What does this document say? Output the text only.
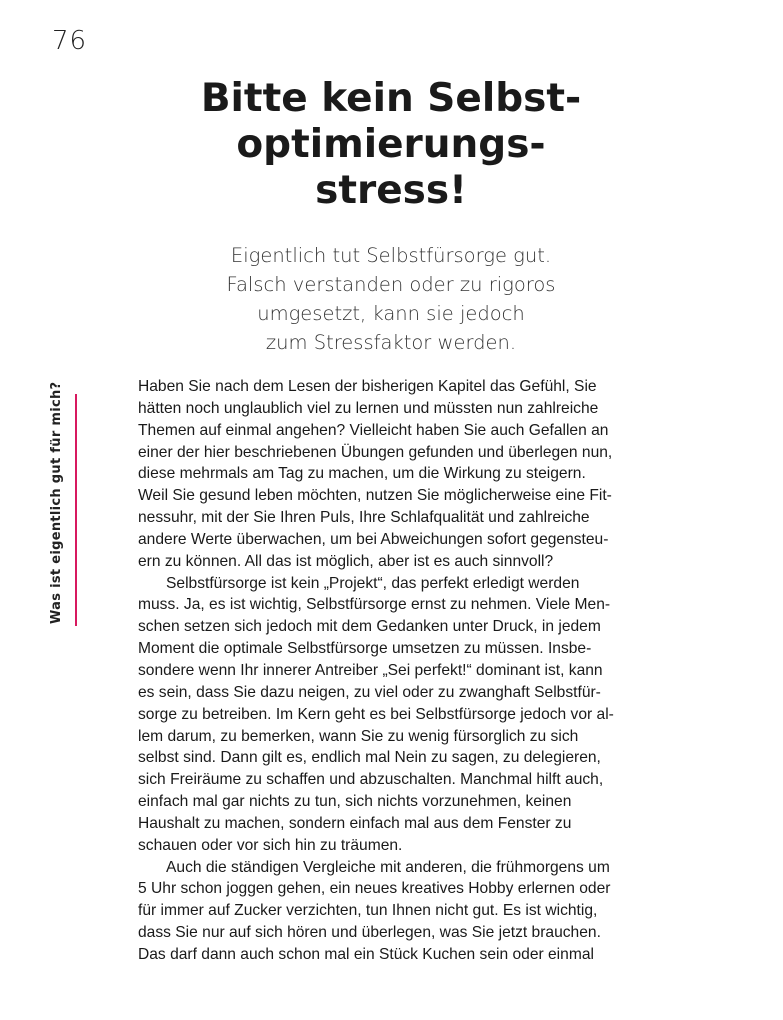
76
Bitte kein Selbst-
optimierungs-
stress!
Eigentlich tut Selbstfürsorge gut.
Falsch verstanden oder zu rigoros
umgesetzt, kann sie jedoch
zum Stressfaktor werden.
Was ist eigentlich gut für mich?	Haben Sie nach dem Lesen der bisherigen Kapitel das Gefühl, Sie
hätten noch unglaublich viel zu lernen und müssten nun zahlreiche
Themen auf einmal angehen? Vielleicht haben Sie auch Gefallen an
einer der hier beschriebenen Übungen gefunden und überlegen nun,
diese mehrmals am Tag zu machen, um die Wirkung zu steigern.
Weil Sie gesund leben möchten, nutzen Sie möglicherweise eine Fit-
nessuhr, mit der Sie Ihren Puls, Ihre Schlafqualität und zahlreiche
andere Werte überwachen, um bei Abweichungen sofort gegensteu-
ern zu können. All das ist möglich, aber ist es auch sinnvoll?
Selbstfürsorge ist kein „Projekt“, das perfekt erledigt werden
muss. Ja, es ist wichtig, Selbstfürsorge ernst zu nehmen. Viele Men-
schen setzen sich jedoch mit dem Gedanken unter Druck, in jedem
Moment die optimale Selbstfürsorge umsetzen zu müssen. Insbe-
sondere wenn Ihr innerer Antreiber „Sei perfekt!“ dominant ist, kann
es sein, dass Sie dazu neigen, zu viel oder zu zwanghaft Selbstfür-
sorge zu betreiben. Im Kern geht es bei Selbstfürsorge jedoch vor al-
lem darum, zu bemerken, wann Sie zu wenig fürsorglich zu sich
selbst sind. Dann gilt es, endlich mal Nein zu sagen, zu delegieren,
sich Freiräume zu schaffen und abzuschalten. Manchmal hilft auch,
einfach mal gar nichts zu tun, sich nichts vorzunehmen, keinen
Haushalt zu machen, sondern einfach mal aus dem Fenster zu
schauen oder vor sich hin zu träumen.
Auch die ständigen Vergleiche mit anderen, die frühmorgens um
5 Uhr schon joggen gehen, ein neues kreatives Hobby erlernen oder
für immer auf Zucker verzichten, tun Ihnen nicht gut. Es ist wichtig,
dass Sie nur auf sich hören und überlegen, was Sie jetzt brauchen.
Das darf dann auch schon mal ein Stück Kuchen sein oder einmal
